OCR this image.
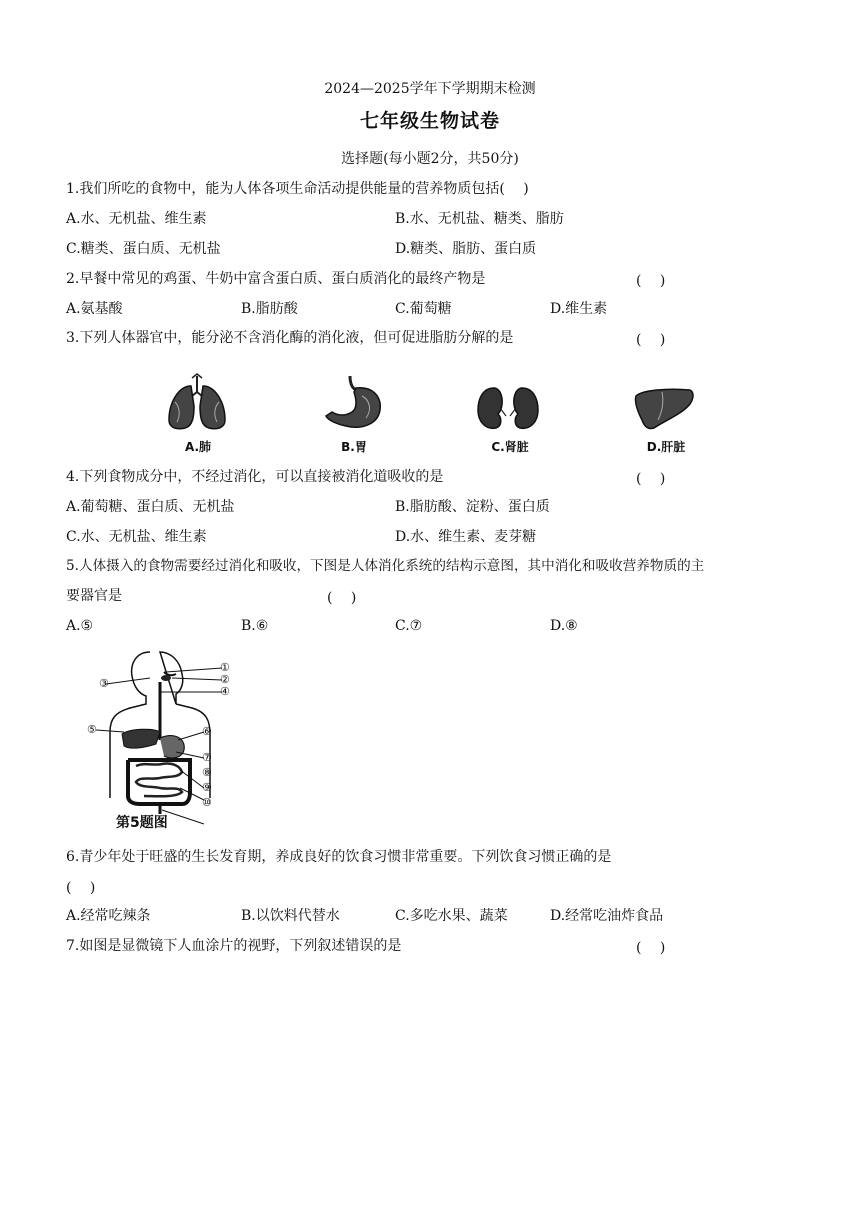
2024—2025学年下学期期末检测
七年级生物试卷
选择题(每小题2分，共50分)
1.我们所吃的食物中，能为人体各项生命活动提供能量的营养物质包括(　 )
A.水、无机盐、维生素	B.水、无机盐、糖类、脂肪
C.糖类、蛋白质、无机盐	D.糖类、脂肪、蛋白质
2.早餐中常见的鸡蛋、牛奶中富含蛋白质、蛋白质消化的最终产物是	(　 )
A.氨基酸	B.脂肪酸	C.葡萄糖	D.维生素
3.下列人体器官中，能分泌不含消化酶的消化液，但可促进脂肪分解的是	(　 )
A.肺	B.胃	C.肾脏	D.肝脏
4.下列食物成分中，不经过消化，可以直接被消化道吸收的是	(　 )
A.葡萄糖、蛋白质、无机盐	B.脂肪酸、淀粉、蛋白质
C.水、无机盐、维生素	D.水、维生素、麦芽糖
5.人体摄入的食物需要经过消化和吸收，下图是人体消化系统的结构示意图，其中消化和吸收营养物质的主
要器官是	(　 )
A.⑤	B.⑥	C.⑦	D.⑧
①
②
③
④
⑤	⑥
⑦
⑧
⑨
⑩
第5题图
6.青少年处于旺盛的生长发育期，养成良好的饮食习惯非常重要。下列饮食习惯正确的是
(　 )
A.经常吃辣条	B.以饮料代替水	C.多吃水果、蔬菜	D.经常吃油炸食品
7.如图是显微镜下人血涂片的视野，下列叙述错误的是	(　 )
